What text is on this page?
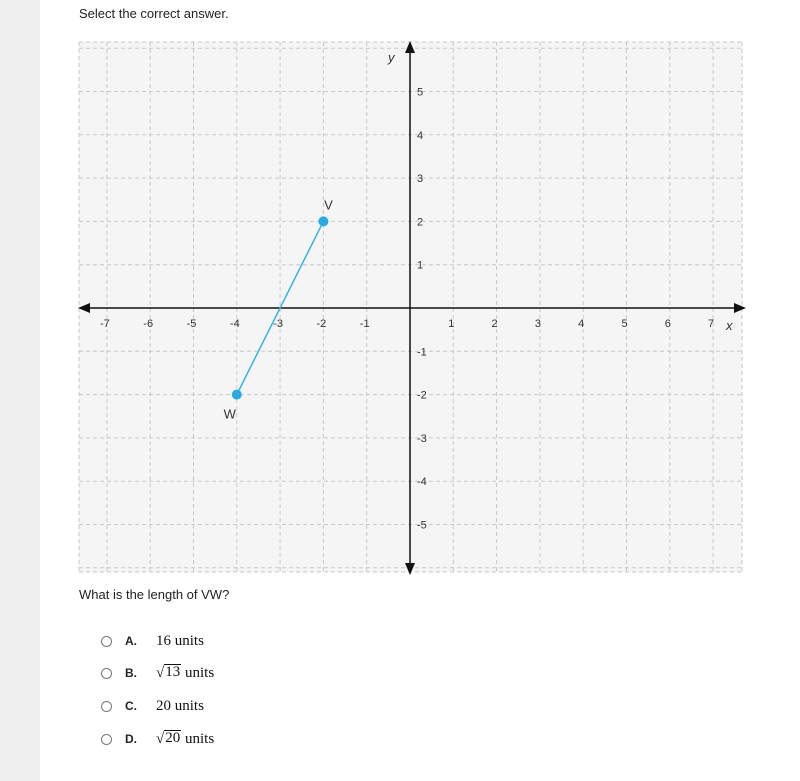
Select the correct answer.
-7	-6	-5	-4	-3	-2	-1	1	2	3	4	5	6	7
5
4
3
2
1
-1
-2
-3
-4
-5
x
y
V
W
What is the length of VW?
A. 16 units
B. √ 13 units
C. 20 units
D. √ 20 units
